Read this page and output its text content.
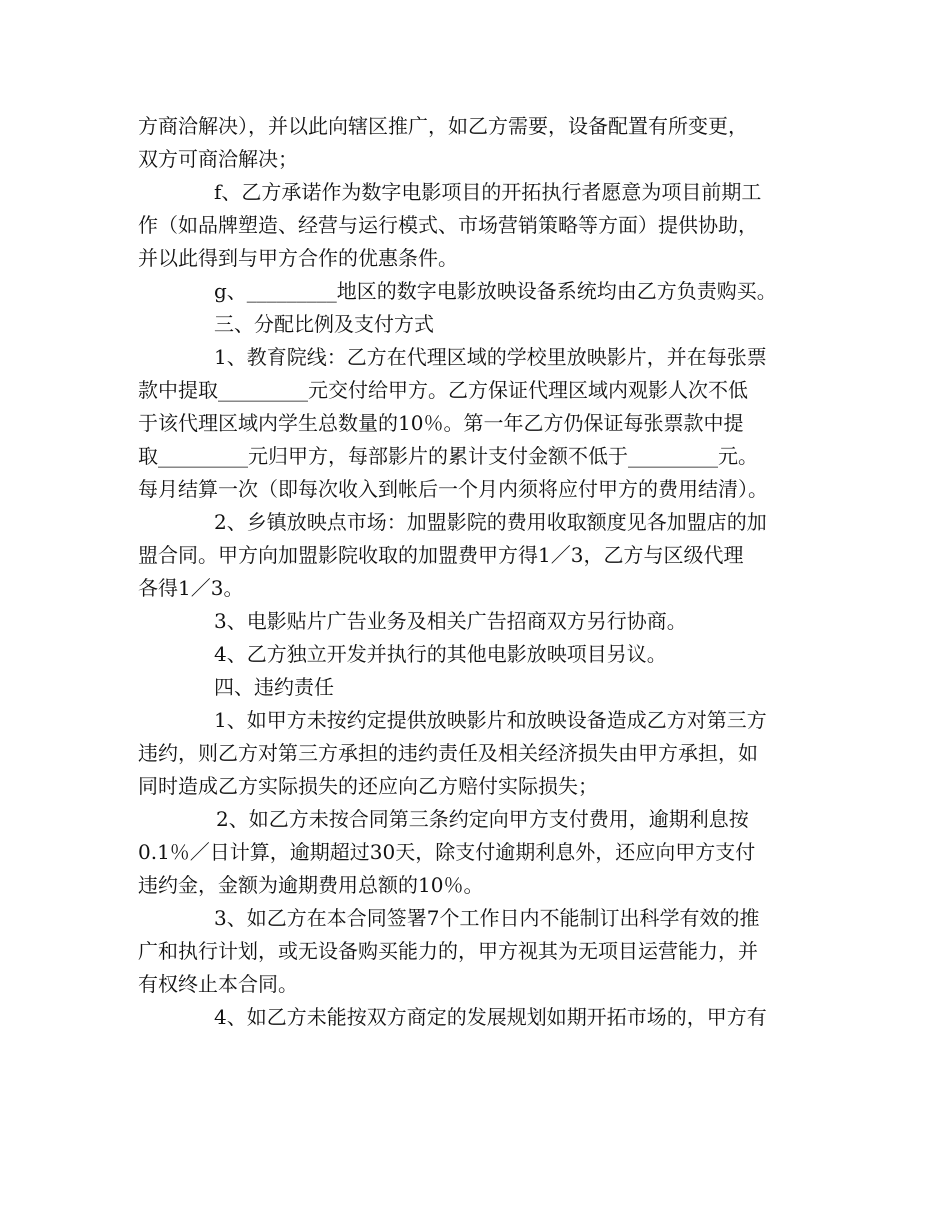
方商洽解决），并以此向辖区推广，如乙方需要，设备配置有所变更，
双方可商洽解决；

f、乙方承诺作为数字电影项目的开拓执行者愿意为项目前期工
作（如品牌塑造、经营与运行模式、市场营销策略等方面）提供协助，
并以此得到与甲方合作的优惠条件。

g、_________地区的数字电影放映设备系统均由乙方负责购买。

三、分配比例及支付方式

1、教育院线：乙方在代理区域的学校里放映影片，并在每张票
款中提取_________元交付给甲方。乙方保证代理区域内观影人次不低
于该代理区域内学生总数量的10％。第一年乙方仍保证每张票款中提
取_________元归甲方，每部影片的累计支付金额不低于_________元。
每月结算一次（即每次收入到帐后一个月内须将应付甲方的费用结清）。

2、乡镇放映点市场：加盟影院的费用收取额度见各加盟店的加
盟合同。甲方向加盟影院收取的加盟费甲方得1／3，乙方与区级代理
各得1／3。

3、电影贴片广告业务及相关广告招商双方另行协商。

4、乙方独立开发并执行的其他电影放映项目另议。

四、违约责任

1、如甲方未按约定提供放映影片和放映设备造成乙方对第三方
违约，则乙方对第三方承担的违约责任及相关经济损失由甲方承担，如
同时造成乙方实际损失的还应向乙方赔付实际损失；

2、如乙方未按合同第三条约定向甲方支付费用，逾期利息按
0.1％／日计算，逾期超过30天，除支付逾期利息外，还应向甲方支付
违约金，金额为逾期费用总额的10％。

3、如乙方在本合同签署7个工作日内不能制订出科学有效的推
广和执行计划，或无设备购买能力的，甲方视其为无项目运营能力，并
有权终止本合同。

4、如乙方未能按双方商定的发展规划如期开拓市场的，甲方有
